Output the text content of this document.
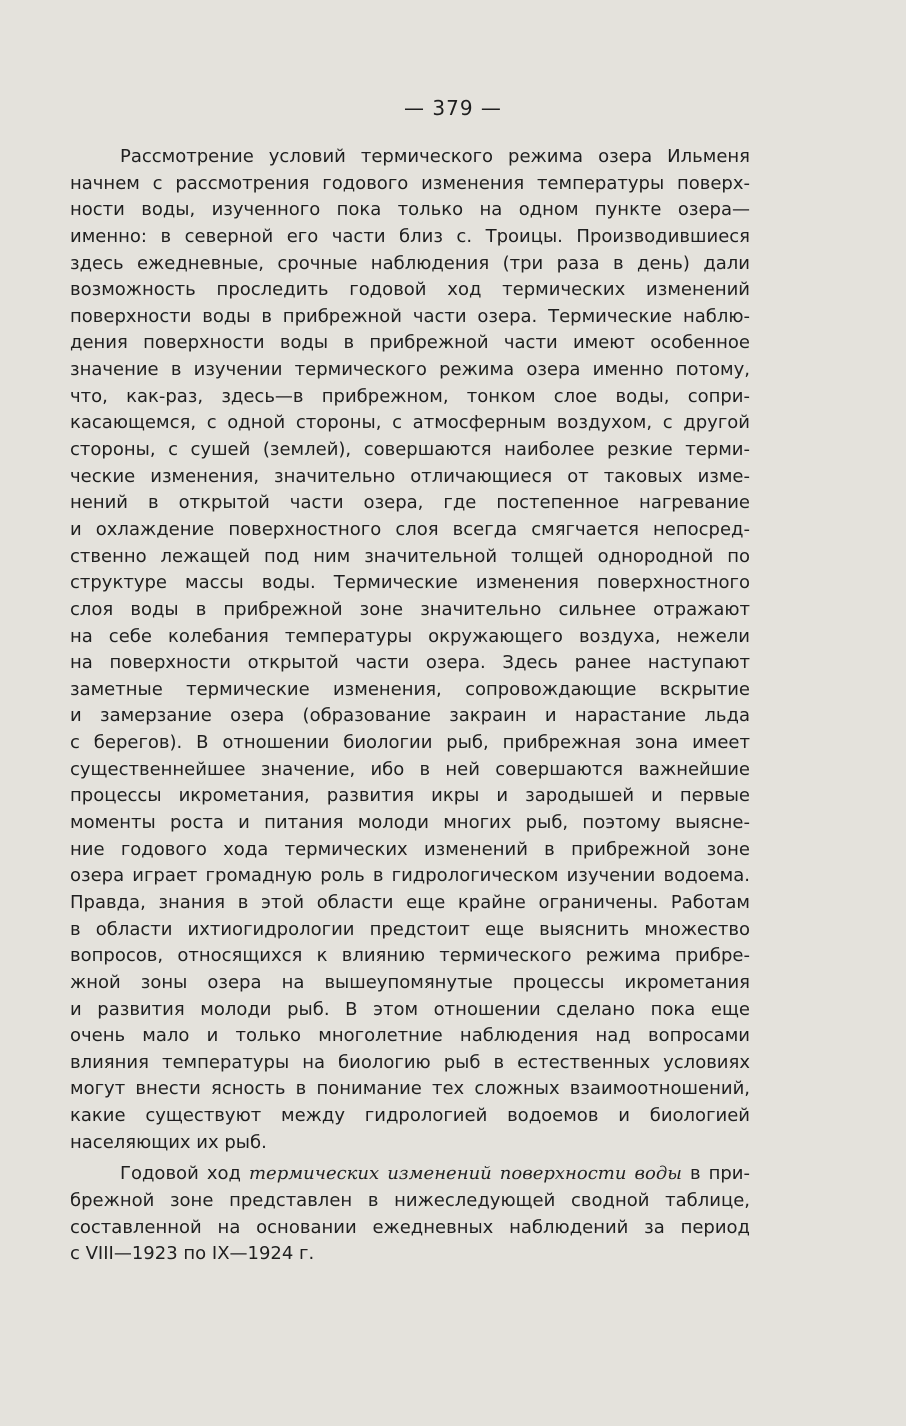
— 379 —
Рассмотрение условий термического режима озера Ильменя
начнем с рассмотрения годового изменения температуры поверх-
ности воды, изученного пока только на одном пункте озера—
именно: в северной его части близ с. Троицы. Производившиеся
здесь ежедневные, срочные наблюдения (три раза в день) дали
возможность проследить годовой ход термических изменений
поверхности воды в прибрежной части озера. Термические наблю-
дения поверхности воды в прибрежной части имеют особенное
значение в изучении термического режима озера именно потому,
что, как-раз, здесь—в прибрежном, тонком слое воды, сопри-
касающемся, с одной стороны, с атмосферным воздухом, с другой
стороны, с сушей (землей), совершаются наиболее резкие терми-
ческие изменения, значительно отличающиеся от таковых изме-
нений в открытой части озера, где постепенное нагревание
и охлаждение поверхностного слоя всегда смягчается непосред-
ственно лежащей под ним значительной толщей однородной по
структуре массы воды. Термические изменения поверхностного
слоя воды в прибрежной зоне значительно сильнее отражают
на себе колебания температуры окружающего воздуха, нежели
на поверхности открытой части озера. Здесь ранее наступают
заметные термические изменения, сопровождающие вскрытие
и замерзание озера (образование закраин и нарастание льда
с берегов). В отношении биологии рыб, прибрежная зона имеет
существеннейшее значение, ибо в ней совершаются важнейшие
процессы икрометания, развития икры и зародышей и первые
моменты роста и питания молоди многих рыб, поэтому выясне-
ние годового хода термических изменений в прибрежной зоне
озера играет громадную роль в гидрологическом изучении водоема.
Правда, знания в этой области еще крайне ограничены. Работам
в области ихтиогидрологии предстоит еще выяснить множество
вопросов, относящихся к влиянию термического режима прибре-
жной зоны озера на вышеупомянутые процессы икрометания
и развития молоди рыб. В этом отношении сделано пока еще
очень мало и только многолетние наблюдения над вопросами
влияния температуры на биологию рыб в естественных условиях
могут внести ясность в понимание тех сложных взаимоотношений,
какие существуют между гидрологией водоемов и биологией
населяющих их рыб.
Годовой ход термических изменений поверхности воды в при-
брежной зоне представлен в нижеследующей сводной таблице,
составленной на основании ежедневных наблюдений за период
с VIII—1923 по IX—1924 г.
